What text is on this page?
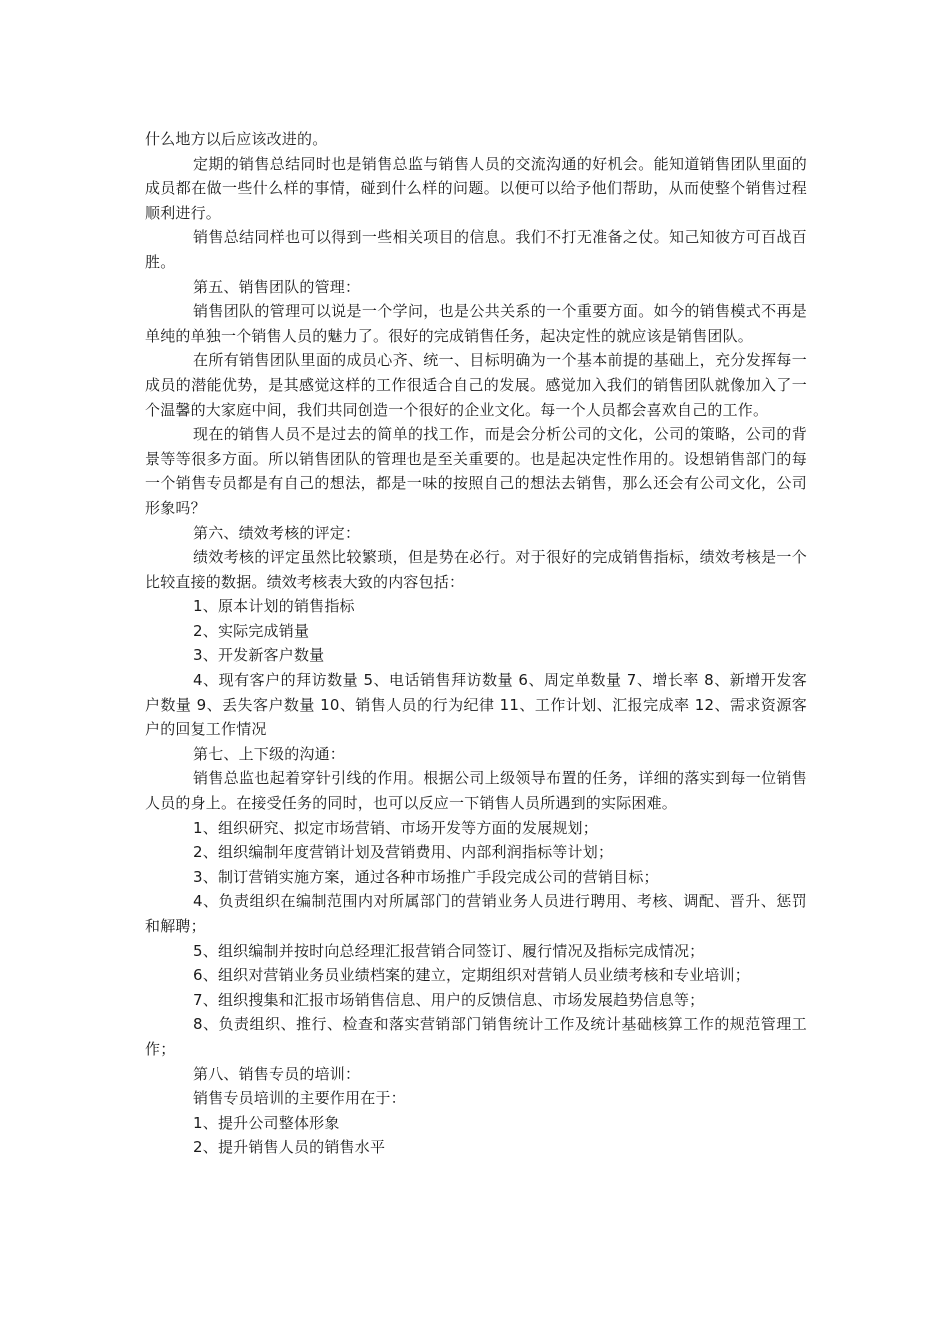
什么地方以后应该改进的。

定期的销售总结同时也是销售总监与销售人员的交流沟通的好机会。能知道销售团队里面的成员都在做一些什么样的事情，碰到什么样的问题。以便可以给予他们帮助，从而使整个销售过程顺利进行。

销售总结同样也可以得到一些相关项目的信息。我们不打无准备之仗。知己知彼方可百战百胜。

第五、销售团队的管理：

销售团队的管理可以说是一个学问，也是公共关系的一个重要方面。如今的销售模式不再是单纯的单独一个销售人员的魅力了。很好的完成销售任务，起决定性的就应该是销售团队。

在所有销售团队里面的成员心齐、统一、目标明确为一个基本前提的基础上，充分发挥每一成员的潜能优势，是其感觉这样的工作很适合自己的发展。感觉加入我们的销售团队就像加入了一个温馨的大家庭中间，我们共同创造一个很好的企业文化。每一个人员都会喜欢自己的工作。

现在的销售人员不是过去的简单的找工作，而是会分析公司的文化，公司的策略，公司的背景等等很多方面。所以销售团队的管理也是至关重要的。也是起决定性作用的。设想销售部门的每一个销售专员都是有自己的想法，都是一味的按照自己的想法去销售，那么还会有公司文化，公司形象吗？

第六、绩效考核的评定：

绩效考核的评定虽然比较繁琐，但是势在必行。对于很好的完成销售指标，绩效考核是一个比较直接的数据。绩效考核表大致的内容包括：

1、原本计划的销售指标

2、实际完成销量

3、开发新客户数量

4、现有客户的拜访数量 5、电话销售拜访数量 6、周定单数量 7、增长率 8、新增开发客户数量 9、丢失客户数量 10、销售人员的行为纪律 11、工作计划、汇报完成率 12、需求资源客户的回复工作情况

第七、上下级的沟通：

销售总监也起着穿针引线的作用。根据公司上级领导布置的任务，详细的落实到每一位销售人员的身上。在接受任务的同时，也可以反应一下销售人员所遇到的实际困难。

1、组织研究、拟定市场营销、市场开发等方面的发展规划；

2、组织编制年度营销计划及营销费用、内部利润指标等计划；

3、制订营销实施方案，通过各种市场推广手段完成公司的营销目标；

4、负责组织在编制范围内对所属部门的营销业务人员进行聘用、考核、调配、晋升、惩罚和解聘；

5、组织编制并按时向总经理汇报营销合同签订、履行情况及指标完成情况；

6、组织对营销业务员业绩档案的建立，定期组织对营销人员业绩考核和专业培训；

7、组织搜集和汇报市场销售信息、用户的反馈信息、市场发展趋势信息等；

8、负责组织、推行、检查和落实营销部门销售统计工作及统计基础核算工作的规范管理工作；

第八、销售专员的培训：

销售专员培训的主要作用在于：

1、提升公司整体形象

2、提升销售人员的销售水平
